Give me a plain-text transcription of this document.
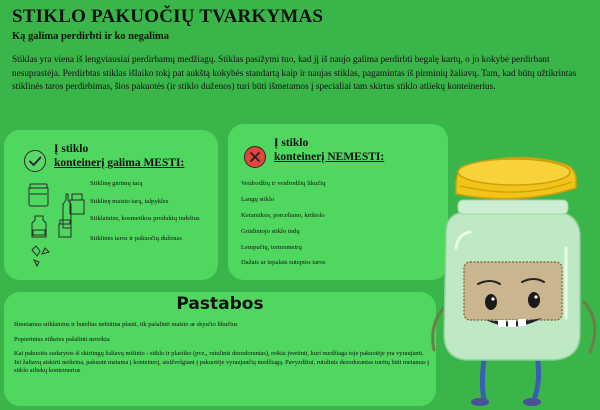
STIKLO PAKUOČIŲ TVARKYMAS
Ką galima perdirbti ir ko negalima

Stiklas yra viena iš lengviausiai perdirbamų medžiagų. Stiklas pasižymi tuo, kad jį iš naujo galima perdirbti begalę kartų, o jo kokybė perdirbant nesuprastėja. Perdirbtas stiklas išlaiko tokį pat aukštą kokybės standartą kaip ir naujas stiklas, pagamintas iš pirminių žaliavų. Tam, kad būtų užtikrintas stiklinės taros perdirbimas, šios pakuotės (ir stiklo duženos) turi būti išmetamos į specialiai tam skirtus stiklo atliekų konteinerius.

Į stiklo
konteinerį galima MESTI:
Stiklinę gėrimų tarą
Stiklinę maisto tarą, talpykles
Stiklainius, kosmetikos produktų indelius
Stiklinės taros ir pakuočių duženas
Į stiklo
konteinerį NEMESTI:
Veidrodžių ir veidrodžių likučių
Langų stiklo
Keramikos, porceliano, krištolo
Grūdintojo stiklo indų
Lempučių, termometrų
Dažais ar tepalais suteptos taros
Pastabos

Išmetamus stiklainius ir butelius nebūtina plauti, tik pašalinti maisto ar skysčio likučius

Popierinius etiketes pašalinti nereikia

Kai pakuotės sudarytos iš skirtingų žaliavų mišinio - stiklo ir plastiko (pvz., rutulinis dezodorantas), reikia įvertinti, kuri medžiaga toje pakuotėje yra vyraujanti. Jei žaliavų atskirti neišeina, pakuotė metama į konteinerį, atsižvelgiant į pakuotėje vyraujančią medžiagą. Pavyzdžiui, rutulinis dezodorantas turėtų būti metamas į stiklo atliekų konteinerius
